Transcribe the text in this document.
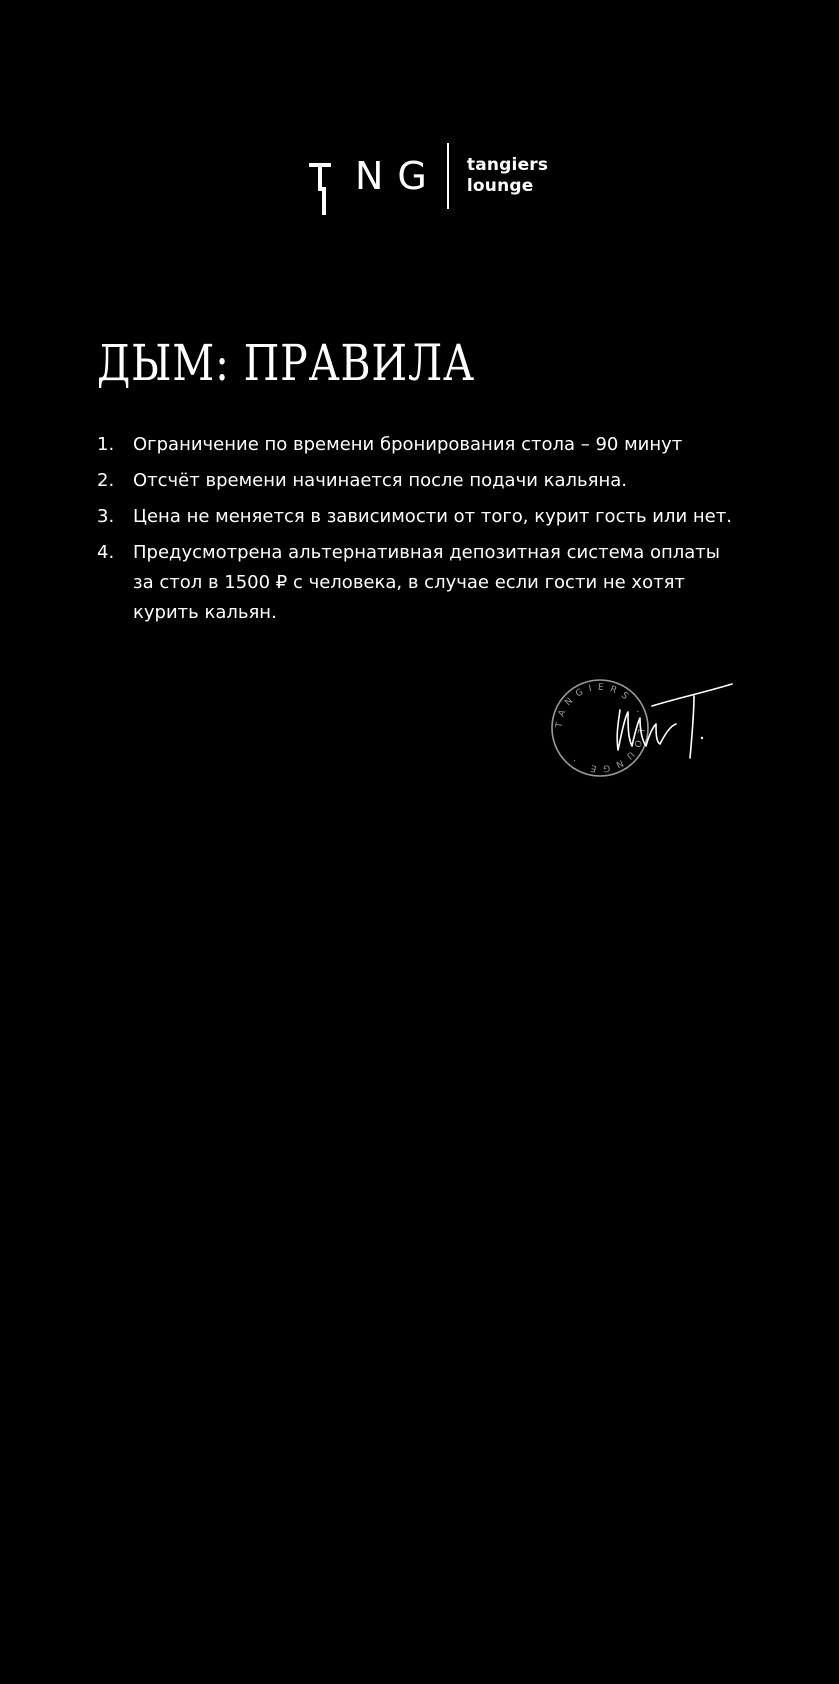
NG tangiers
lounge
ДЫМ: ПРАВИЛА
1.	Ограничение по времени бронирования стола – 90 минут
2.	Отсчёт времени начинается после подачи кальяна.
3.	Цена не меняется в зависимости от того, курит гость или нет.
4.	Предусмотрена альтернативная депозитная система оплаты
за стол в 1500 ₽ с человека, в случае если гости не хотят
курить кальян.
TANGIERS · LOUNGE ·
